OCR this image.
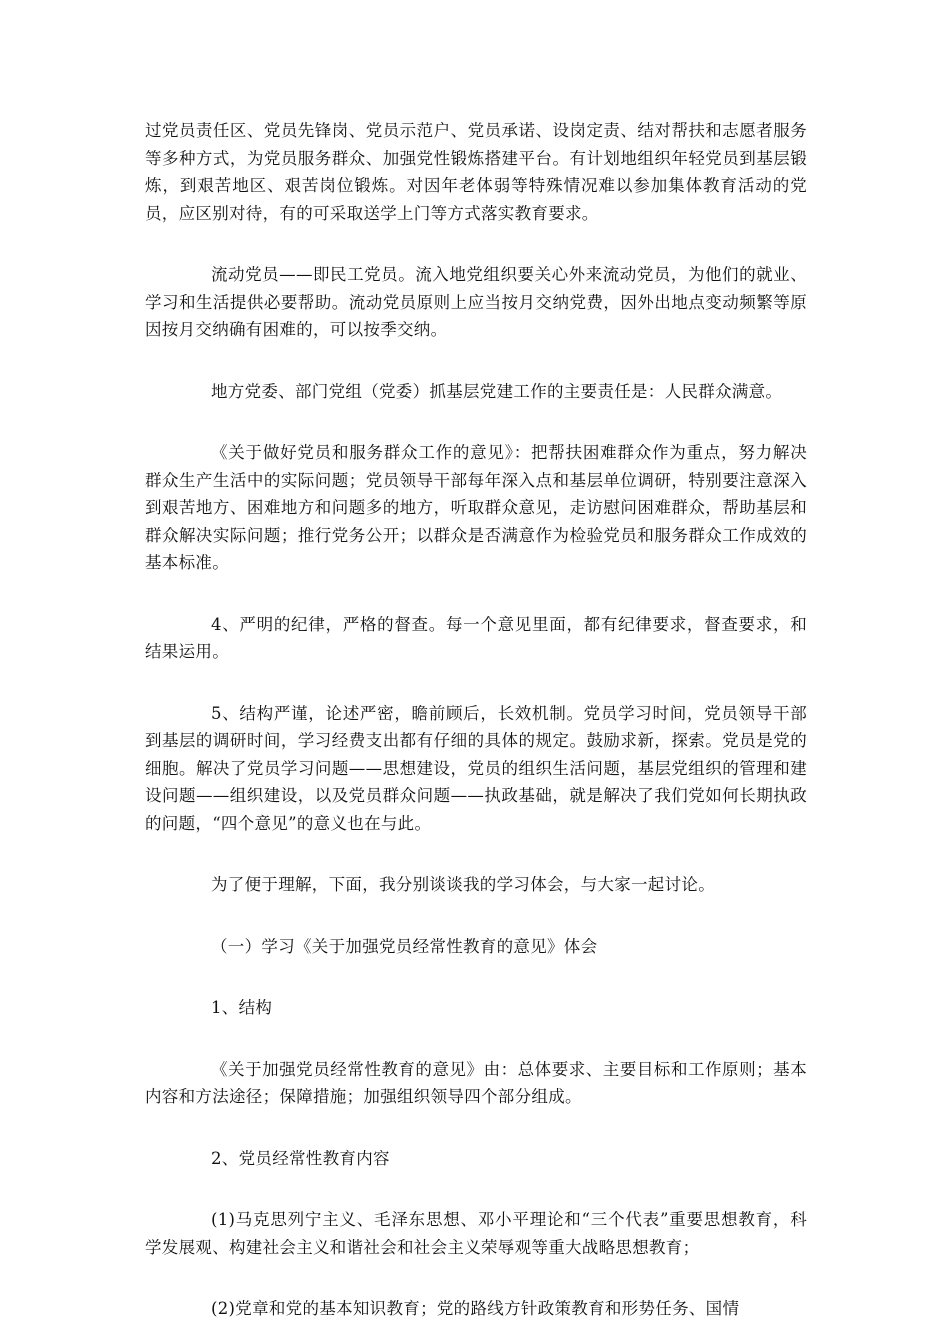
过党员责任区、党员先锋岗、党员示范户、党员承诺、设岗定责、结对帮扶和志愿者服务等多种方式，为党员服务群众、加强党性锻炼搭建平台。有计划地组织年轻党员到基层锻炼，到艰苦地区、艰苦岗位锻炼。对因年老体弱等特殊情况难以参加集体教育活动的党员，应区别对待，有的可采取送学上门等方式落实教育要求。

流动党员——即民工党员。流入地党组织要关心外来流动党员，为他们的就业、学习和生活提供必要帮助。流动党员原则上应当按月交纳党费，因外出地点变动频繁等原因按月交纳确有困难的，可以按季交纳。

地方党委、部门党组（党委）抓基层党建工作的主要责任是：人民群众满意。

《关于做好党员和服务群众工作的意见》：把帮扶困难群众作为重点，努力解决群众生产生活中的实际问题；党员领导干部每年深入点和基层单位调研，特别要注意深入到艰苦地方、困难地方和问题多的地方，听取群众意见，走访慰问困难群众，帮助基层和群众解决实际问题；推行党务公开；以群众是否满意作为检验党员和服务群众工作成效的基本标准。

4、严明的纪律，严格的督查。每一个意见里面，都有纪律要求，督查要求，和结果运用。

5、结构严谨，论述严密，瞻前顾后，长效机制。党员学习时间，党员领导干部到基层的调研时间，学习经费支出都有仔细的具体的规定。鼓励求新，探索。党员是党的细胞。解决了党员学习问题——思想建设，党员的组织生活问题，基层党组织的管理和建设问题——组织建设，以及党员群众问题——执政基础，就是解决了我们党如何长期执政的问题，“四个意见”的意义也在与此。

为了便于理解，下面，我分别谈谈我的学习体会，与大家一起讨论。

（一）学习《关于加强党员经常性教育的意见》体会

1、结构

《关于加强党员经常性教育的意见》由：总体要求、主要目标和工作原则；基本内容和方法途径；保障措施；加强组织领导四个部分组成。

2、党员经常性教育内容

(1)马克思列宁主义、毛泽东思想、邓小平理论和“三个代表”重要思想教育，科学发展观、构建社会主义和谐社会和社会主义荣辱观等重大战略思想教育；

(2)党章和党的基本知识教育；党的路线方针政策教育和形势任务、国情
